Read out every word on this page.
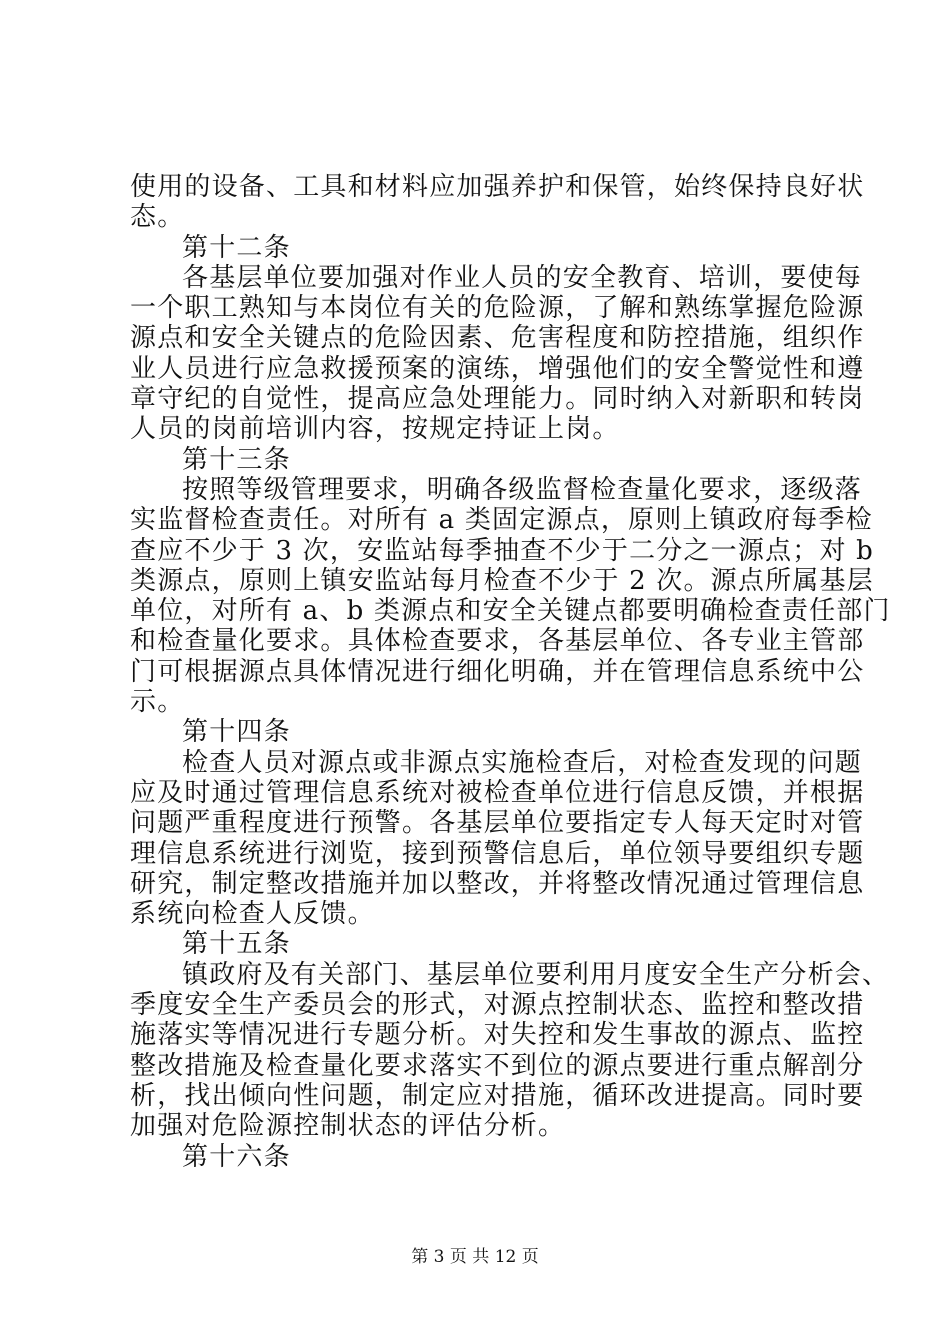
使用的设备、工具和材料应加强养护和保管，始终保持良好状
态。
第十二条
各基层单位要加强对作业人员的安全教育、培训，要使每
一个职工熟知与本岗位有关的危险源，了解和熟练掌握危险源
源点和安全关键点的危险因素、危害程度和防控措施，组织作
业人员进行应急救援预案的演练，增强他们的安全警觉性和遵
章守纪的自觉性，提高应急处理能力。同时纳入对新职和转岗
人员的岗前培训内容，按规定持证上岗。
第十三条
按照等级管理要求，明确各级监督检查量化要求，逐级落
实监督检查责任。对所有 a 类固定源点，原则上镇政府每季检
查应不少于 3 次，安监站每季抽查不少于二分之一源点；对 b
类源点，原则上镇安监站每月检查不少于 2 次。源点所属基层
单位，对所有 a、b 类源点和安全关键点都要明确检查责任部门
和检查量化要求。具体检查要求，各基层单位、各专业主管部
门可根据源点具体情况进行细化明确，并在管理信息系统中公
示。
第十四条
检查人员对源点或非源点实施检查后，对检查发现的问题
应及时通过管理信息系统对被检查单位进行信息反馈，并根据
问题严重程度进行预警。各基层单位要指定专人每天定时对管
理信息系统进行浏览，接到预警信息后，单位领导要组织专题
研究，制定整改措施并加以整改，并将整改情况通过管理信息
系统向检查人反馈。
第十五条
镇政府及有关部门、基层单位要利用月度安全生产分析会、
季度安全生产委员会的形式，对源点控制状态、监控和整改措
施落实等情况进行专题分析。对失控和发生事故的源点、监控
整改措施及检查量化要求落实不到位的源点要进行重点解剖分
析，找出倾向性问题，制定应对措施，循环改进提高。同时要
加强对危险源控制状态的评估分析。
第十六条
第 3 页 共 12 页
